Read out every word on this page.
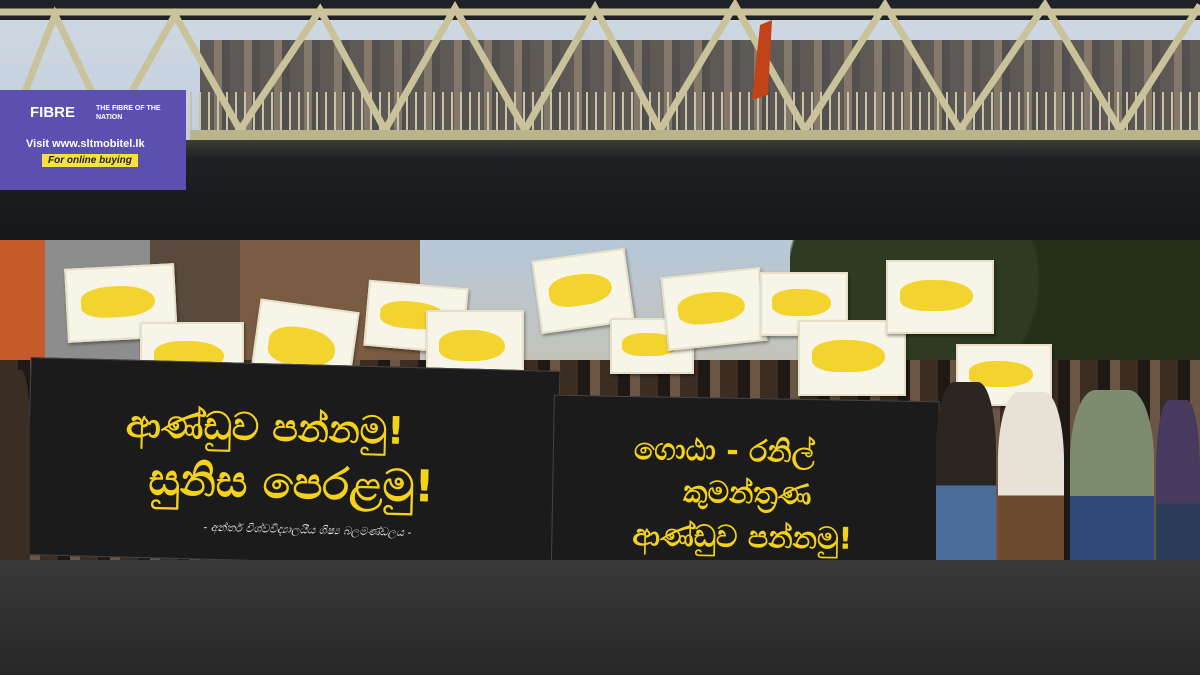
FIBRE	THE FIBRE OF THE NATION
Visit www.sltmobitel.lk
For online buying
ආණ්ඩුව පන්නමු!
සුනිස පෙරළමු!
- අන්තර් විශ්වවිද්‍යාලයීය ශිෂ්‍ය බලමණ්ඩලය -
ගොඨා - රනිල්
කුමන්ත්‍රණ
ආණ්ඩුව පන්නමු!
